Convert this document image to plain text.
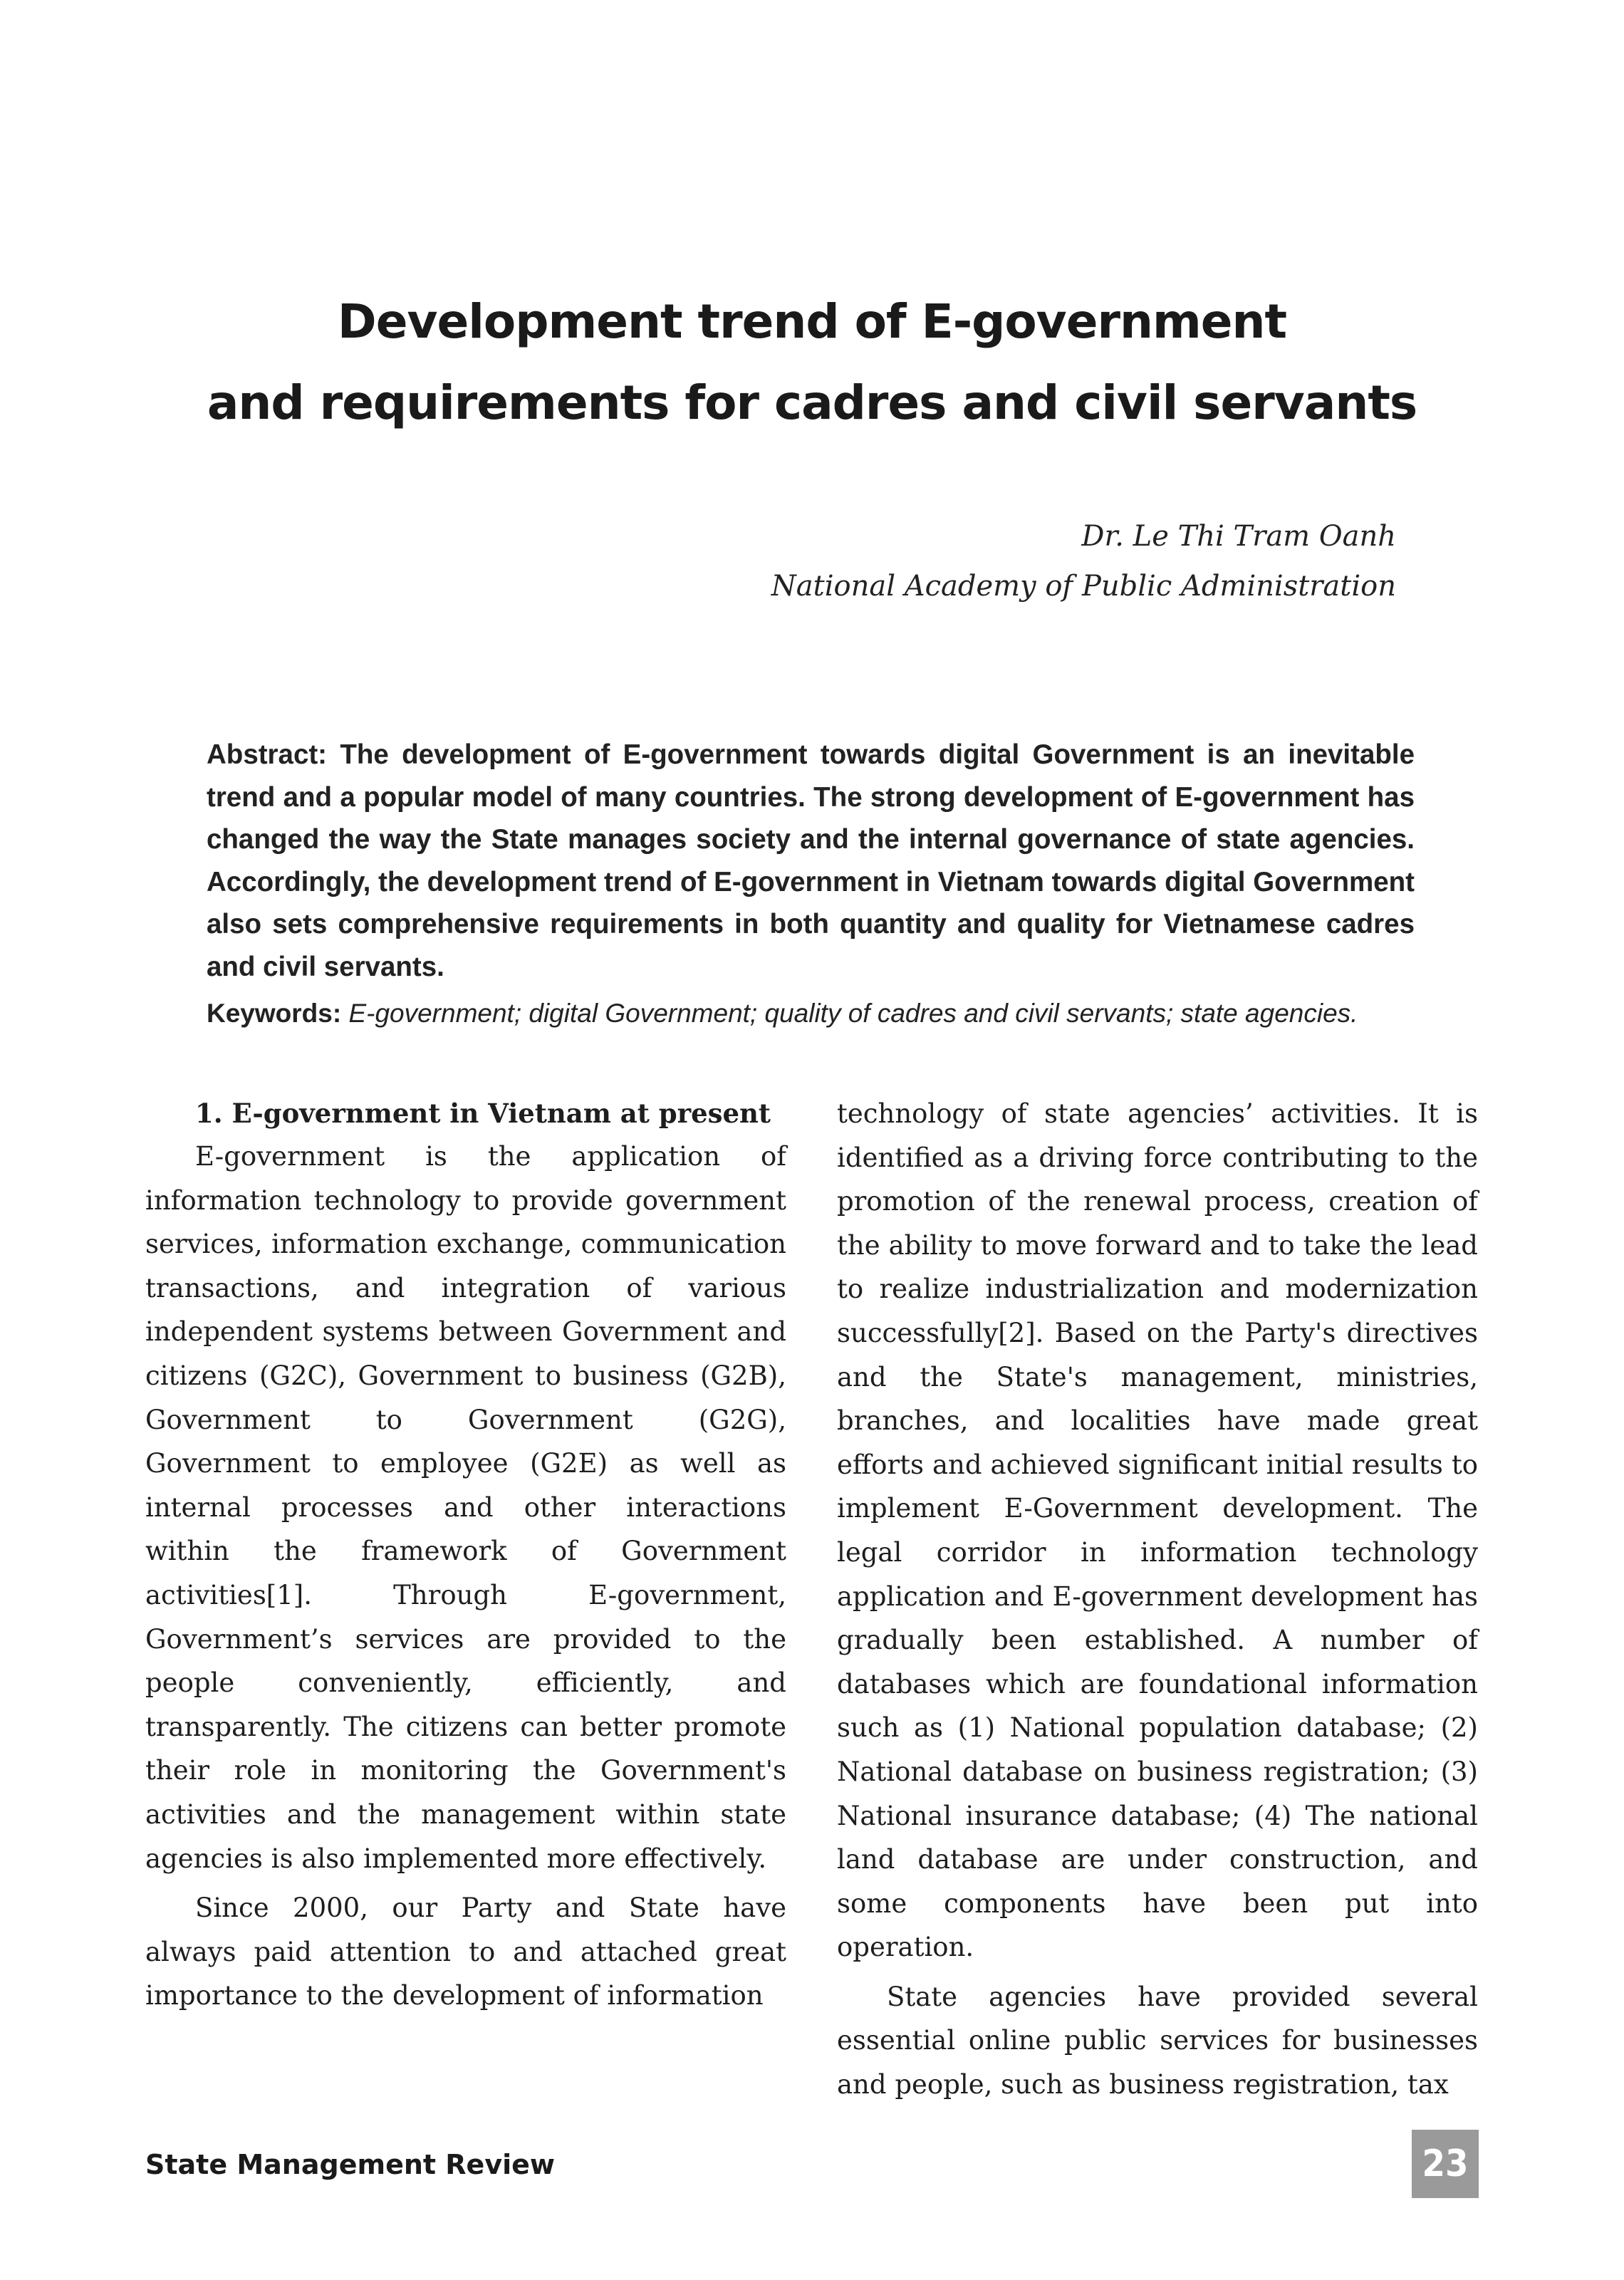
Development trend of E-government
and requirements for cadres and civil servants
Dr. Le Thi Tram Oanh
National Academy of Public Administration
Abstract: The development of E-government towards digital Government is an inevitable trend and a popular model of many countries. The strong development of E-government has changed the way the State manages society and the internal governance of state agencies. Accordingly, the development trend of E-government in Vietnam towards digital Government also sets comprehensive requirements in both quantity and quality for Vietnamese cadres and civil servants.
Keywords: E-government; digital Government; quality of cadres and civil servants; state agencies.
1. E-government in Vietnam at present

E-government is the application of information technology to provide government services, information exchange, communication transactions, and integration of various independent systems between Government and citizens (G2C), Government to business (G2B), Government to Government (G2G), Government to employee (G2E) as well as internal processes and other interactions within the framework of Government activities[1]. Through E-government, Government’s services are provided to the people conveniently, efficiently, and transparently. The citizens can better promote their role in monitoring the Government's activities and the management within state agencies is also implemented more effectively.

Since 2000, our Party and State have always paid attention to and attached great importance to the development of information

technology of state agencies’ activities. It is identified as a driving force contributing to the promotion of the renewal process, creation of the ability to move forward and to take the lead to realize industrialization and modernization successfully[2]. Based on the Party's directives and the State's management, ministries, branches, and localities have made great efforts and achieved significant initial results to implement E-Government development. The legal corridor in information technology application and E-government development has gradually been established. A number of databases which are foundational information such as (1) National population database; (2) National database on business registration; (3) National insurance database; (4) The national land database are under construction, and some components have been put into operation.

State agencies have provided several essential online public services for businesses and people, such as business registration, tax

State Management Review	23
